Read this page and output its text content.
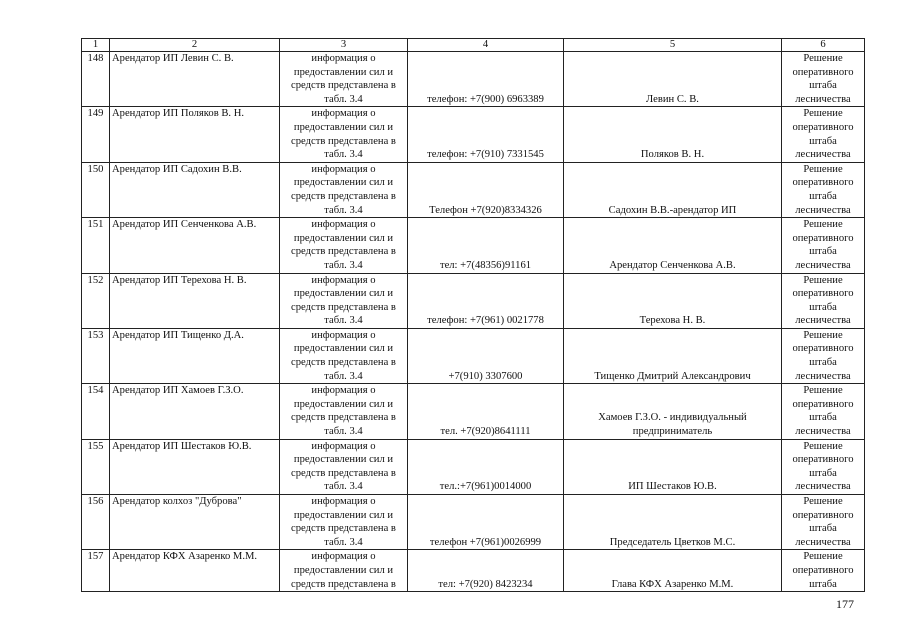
1	2	3	4	5	6
148	Арендатор ИП Левин С. В.	информация о предоставлении сил и средств представлена в табл. 3.4	телефон: +7(900) 6963389	Левин С. В.	Решение оперативного штаба лесничества
149	Арендатор ИП Поляков В. Н.	информация о предоставлении сил и средств представлена в табл. 3.4	телефон: +7(910) 7331545	Поляков В. Н.	Решение оперативного штаба лесничества
150	Арендатор ИП Садохин В.В.	информация о предоставлении сил и средств представлена в табл. 3.4	Телефон +7(920)8334326	Садохин В.В.-арендатор ИП	Решение оперативного штаба лесничества
151	Арендатор ИП Сенченкова А.В.	информация о предоставлении сил и средств представлена в табл. 3.4	тел: +7(48356)91161	Арендатор Сенченкова А.В.	Решение оперативного штаба лесничества
152	Арендатор ИП Терехова Н. В.	информация о предоставлении сил и средств представлена в табл. 3.4	телефон: +7(961) 0021778	Терехова Н. В.	Решение оперативного штаба лесничества
153	Арендатор ИП Тищенко Д.А.	информация о предоставлении сил и средств представлена в табл. 3.4	+7(910) 3307600	Тищенко Дмитрий Александрович	Решение оперативного штаба лесничества
154	Арендатор ИП Хамоев Г.З.О.	информация о предоставлении сил и средств представлена в табл. 3.4	тел. +7(920)8641111	Хамоев Г.З.О. - индивидуальный предприниматель	Решение оперативного штаба лесничества
155	Арендатор ИП Шестаков Ю.В.	информация о предоставлении сил и средств представлена в табл. 3.4	тел.:+7(961)0014000	ИП Шестаков Ю.В.	Решение оперативного штаба лесничества
156	Арендатор колхоз "Дуброва"	информация о предоставлении сил и средств представлена в табл. 3.4	телефон +7(961)0026999	Председатель Цветков М.С.	Решение оперативного штаба лесничества
157	Арендатор КФХ Азаренко М.М.	информация о предоставлении сил и средств представлена в	тел: +7(920) 8423234	Глава КФХ Азаренко М.М.	Решение оперативного штаба
177
